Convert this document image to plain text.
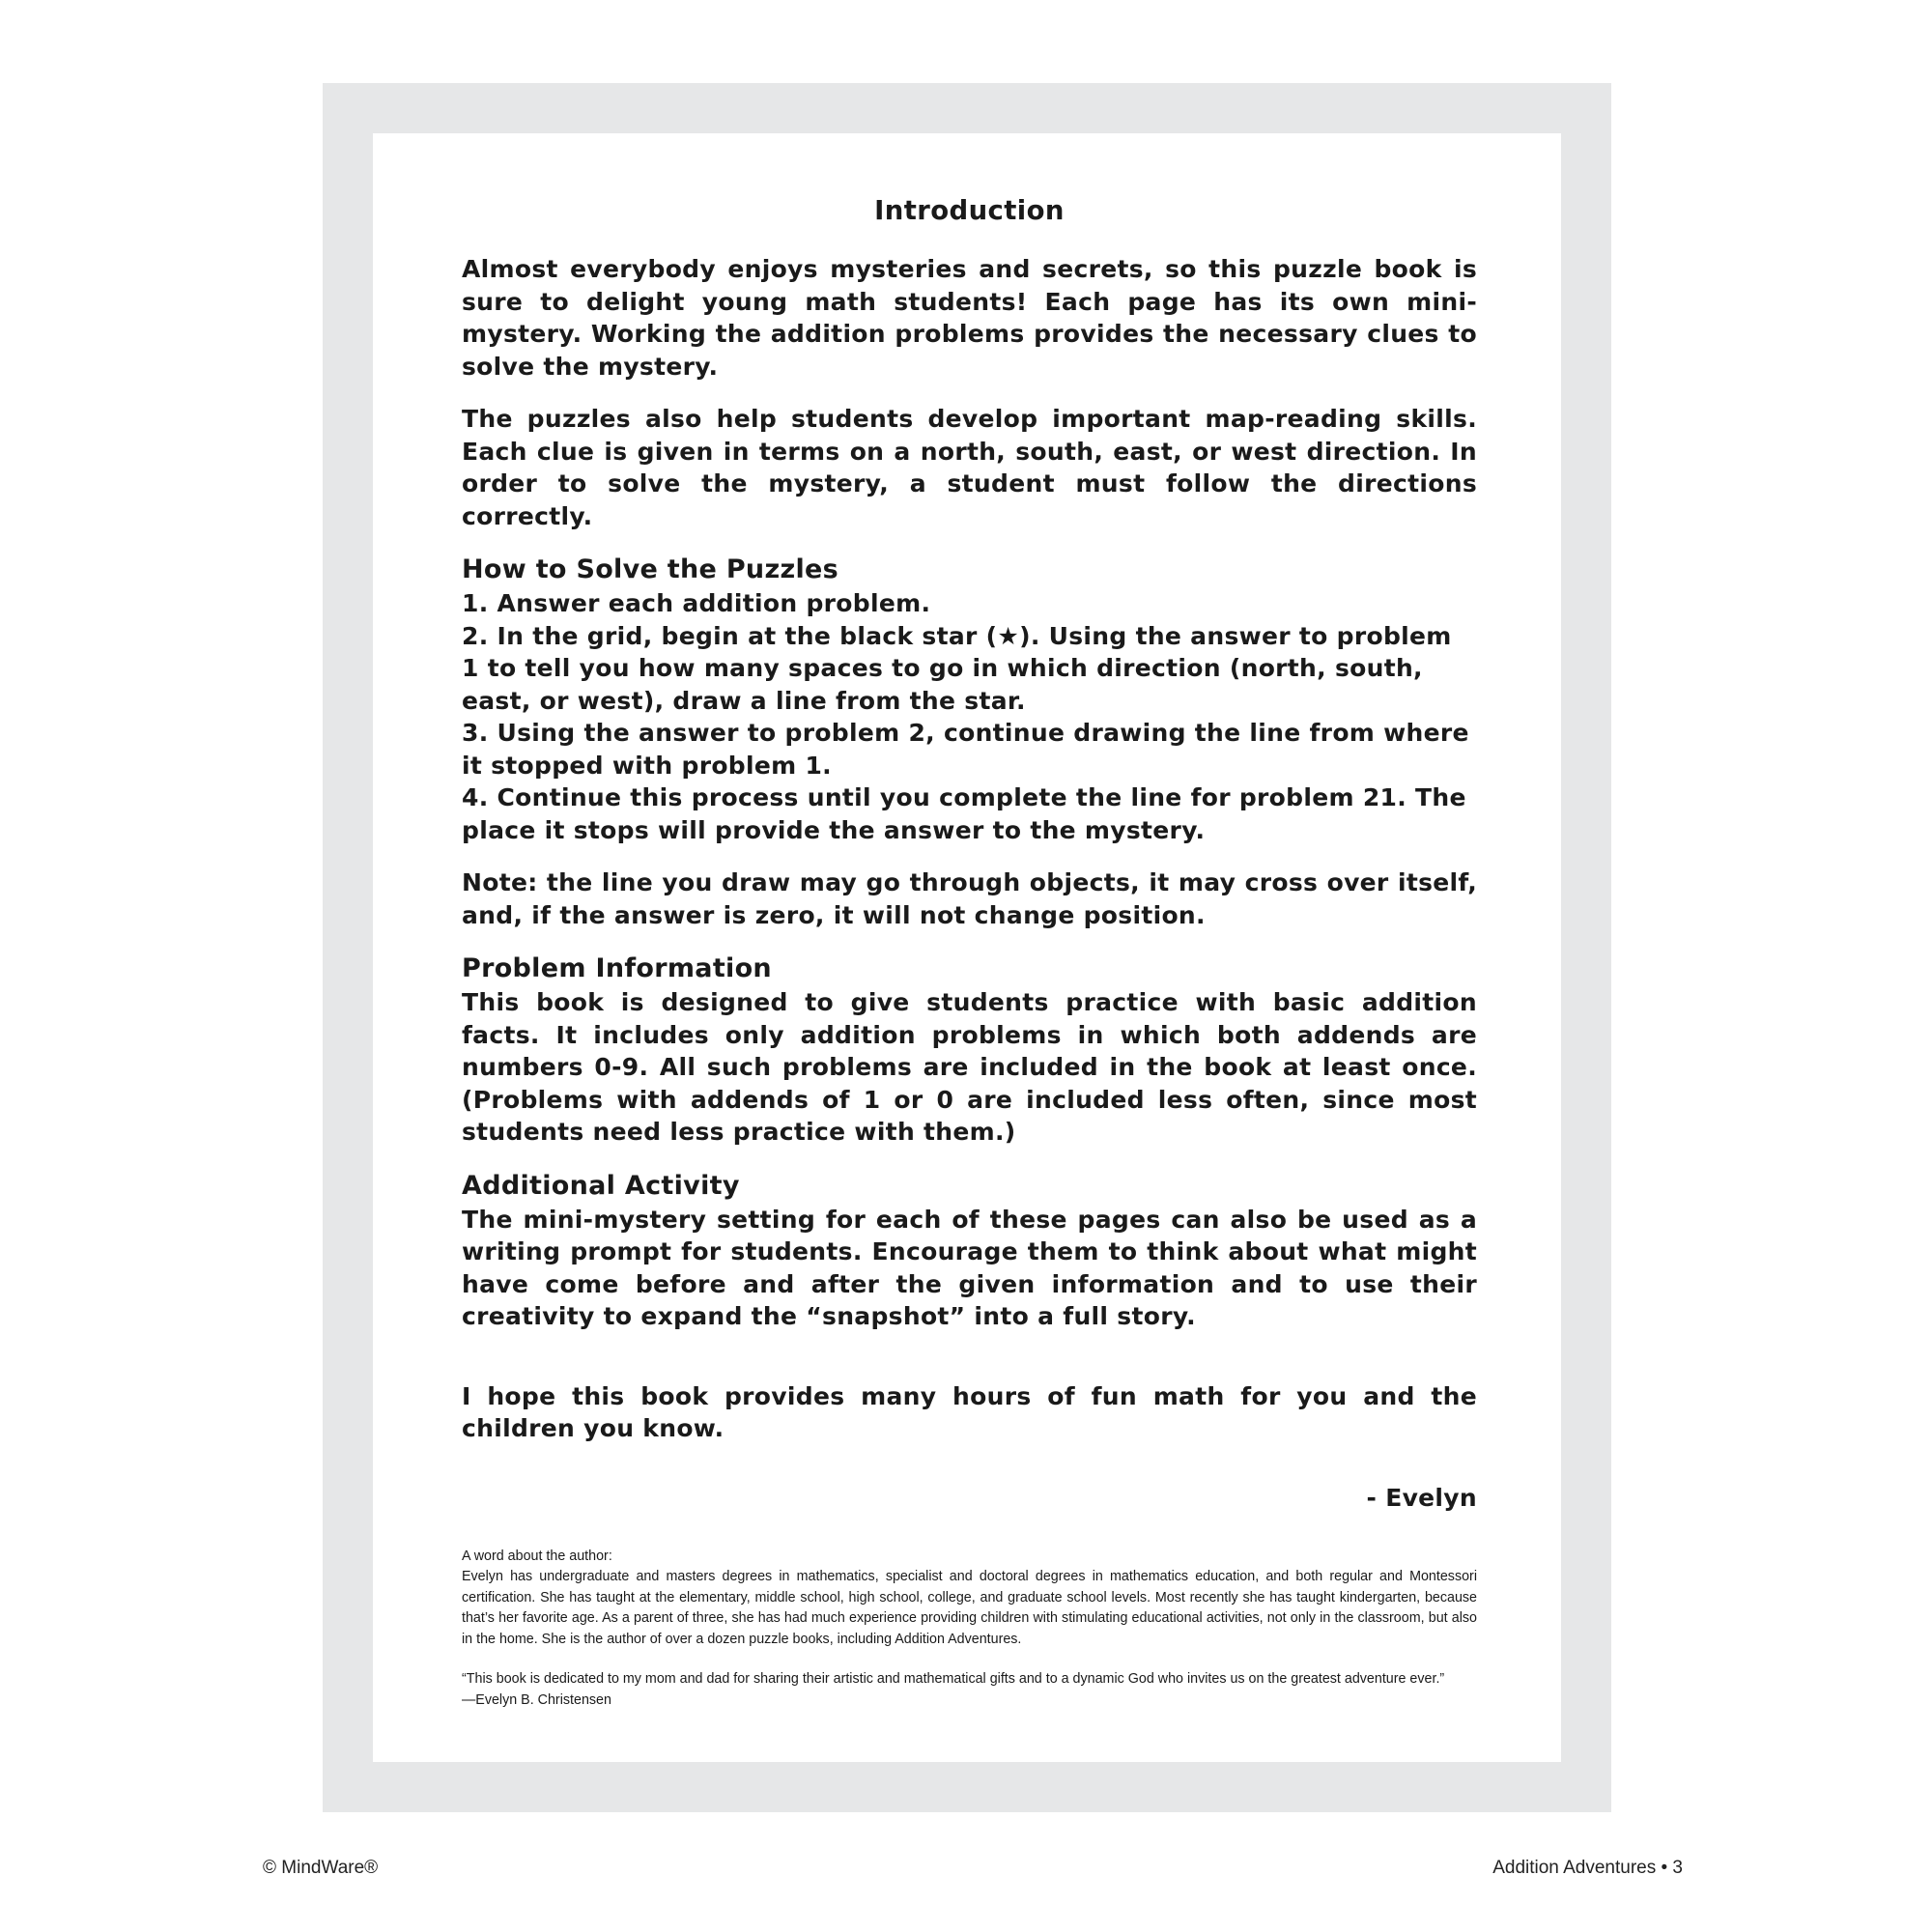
Introduction

Almost everybody enjoys mysteries and secrets, so this puzzle book is sure to delight young math students! Each page has its own mini-mystery. Working the addition problems provides the necessary clues to solve the mystery.

The puzzles also help students develop important map-reading skills. Each clue is given in terms on a north, south, east, or west direction. In order to solve the mystery, a student must follow the directions correctly.

How to Solve the Puzzles
1. Answer each addition problem.
2. In the grid, begin at the black star (★). Using the answer to problem 1 to tell you how many spaces to go in which direction (north, south, east, or west), draw a line from the star.
3. Using the answer to problem 2, continue drawing the line from where it stopped with problem 1.
4. Continue this process until you complete the line for problem 21. The place it stops will provide the answer to the mystery.

Note: the line you draw may go through objects, it may cross over itself, and, if the answer is zero, it will not change position.

Problem Information

This book is designed to give students practice with basic addition facts. It includes only addition problems in which both addends are numbers 0-9. All such problems are included in the book at least once. (Problems with addends of 1 or 0 are included less often, since most students need less practice with them.)

Additional Activity

The mini-mystery setting for each of these pages can also be used as a writing prompt for students. Encourage them to think about what might have come before and after the given information and to use their creativity to expand the “snapshot” into a full story.

I hope this book provides many hours of fun math for you and the children you know.

- Evelyn

A word about the author:

Evelyn has undergraduate and masters degrees in mathematics, specialist and doctoral degrees in mathematics education, and both regular and Montessori certification. She has taught at the elementary, middle school, high school, college, and graduate school levels. Most recently she has taught kindergarten, because that’s her favorite age. As a parent of three, she has had much experience providing children with stimulating educational activities, not only in the classroom, but also in the home. She is the author of over a dozen puzzle books, including Addition Adventures.

“This book is dedicated to my mom and dad for sharing their artistic and mathematical gifts and to a dynamic God who invites us on the greatest adventure ever.”

—Evelyn B. Christensen

© MindWare®	Addition Adventures • 3
